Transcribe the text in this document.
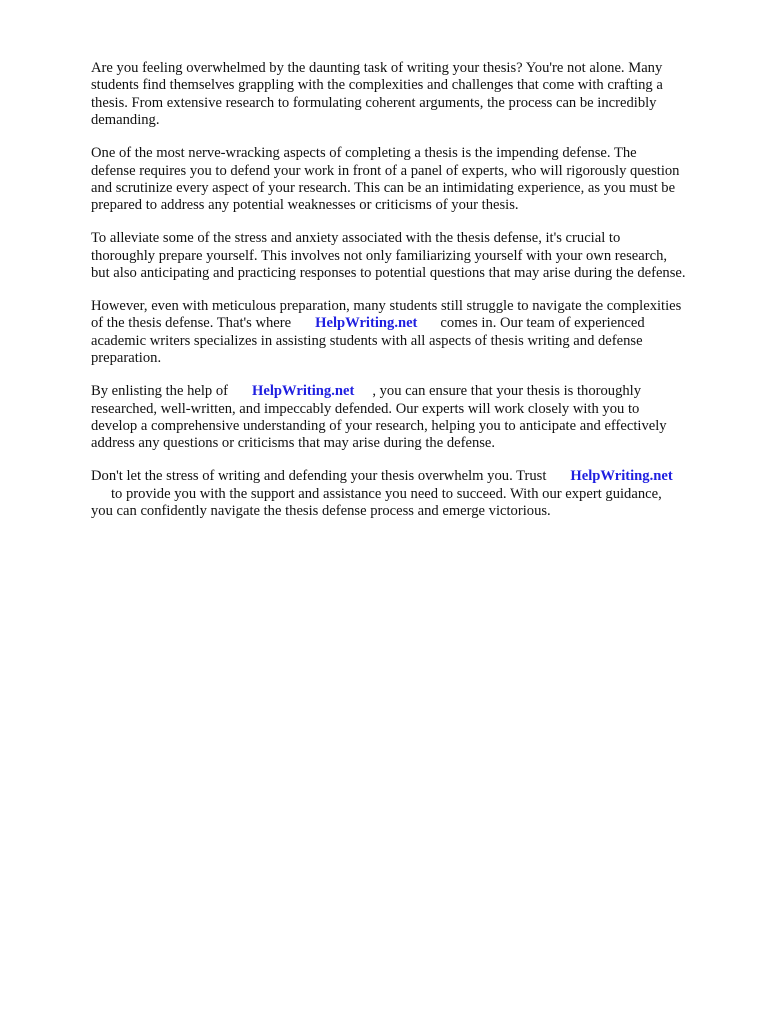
Are you feeling overwhelmed by the daunting task of writing your thesis? You're not alone. Many
students find themselves grappling with the complexities and challenges that come with crafting a
thesis. From extensive research to formulating coherent arguments, the process can be incredibly
demanding.

One of the most nerve-wracking aspects of completing a thesis is the impending defense. The
defense requires you to defend your work in front of a panel of experts, who will rigorously question
and scrutinize every aspect of your research. This can be an intimidating experience, as you must be
prepared to address any potential weaknesses or criticisms of your thesis.

To alleviate some of the stress and anxiety associated with the thesis defense, it's crucial to
thoroughly prepare yourself. This involves not only familiarizing yourself with your own research,
but also anticipating and practicing responses to potential questions that may arise during the defense.

However, even with meticulous preparation, many students still struggle to navigate the complexities
of the thesis defense. That's where HelpWriting.net comes in. Our team of experienced
academic writers specializes in assisting students with all aspects of thesis writing and defense
preparation.

By enlisting the help of HelpWriting.net , you can ensure that your thesis is thoroughly
researched, well-written, and impeccably defended. Our experts will work closely with you to
develop a comprehensive understanding of your research, helping you to anticipate and effectively
address any questions or criticisms that may arise during the defense.

Don't let the stress of writing and defending your thesis overwhelm you. Trust HelpWriting.net
to provide you with the support and assistance you need to succeed. With our expert guidance,
you can confidently navigate the thesis defense process and emerge victorious.
